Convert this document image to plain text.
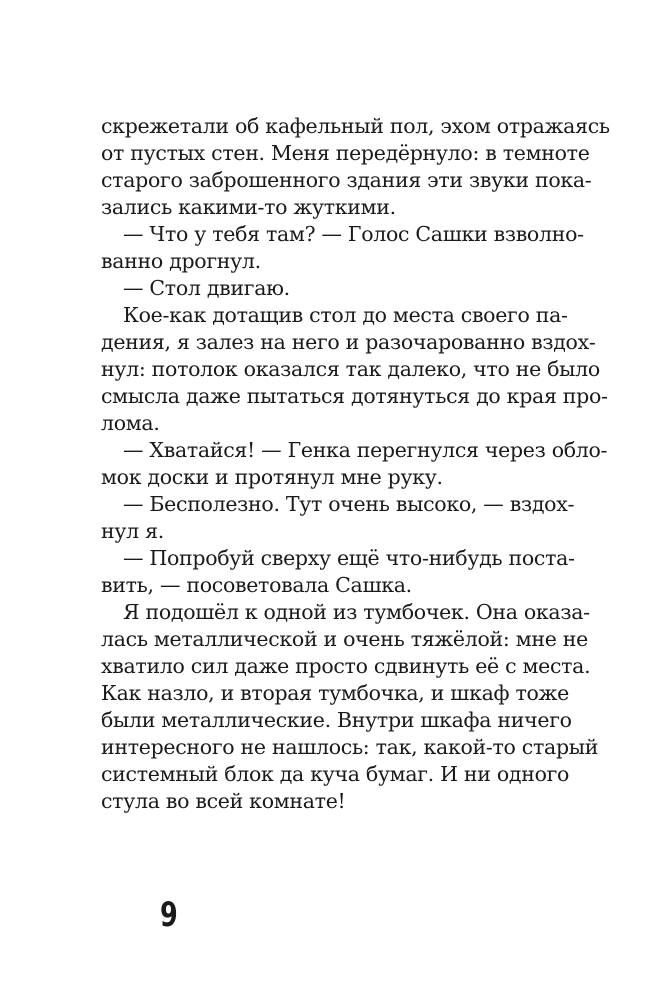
скрежетали об кафельный пол, эхом отражаясь
от пустых стен. Меня передёрнуло: в темноте
старого заброшенного здания эти звуки пока-
зались какими-то жуткими.
— Что у тебя там? — Голос Сашки взволно-
ванно дрогнул.
— Стол двигаю.
Кое-как дотащив стол до места своего па-
дения, я залез на него и разочарованно вздох-
нул: потолок оказался так далеко, что не было
смысла даже пытаться дотянуться до края про-
лома.
— Хватайся! — Генка перегнулся через обло-
мок доски и протянул мне руку.
— Бесполезно. Тут очень высоко, — вздох-
нул я.
— Попробуй сверху ещё что-нибудь поста-
вить, — посоветовала Сашка.
Я подошёл к одной из тумбочек. Она оказа-
лась металлической и очень тяжёлой: мне не
хватило сил даже просто сдвинуть её с места.
Как назло, и вторая тумбочка, и шкаф тоже
были металлические. Внутри шкафа ничего
интересного не нашлось: так, какой-то старый
системный блок да куча бумаг. И ни одного
стула во всей комнате!
9
